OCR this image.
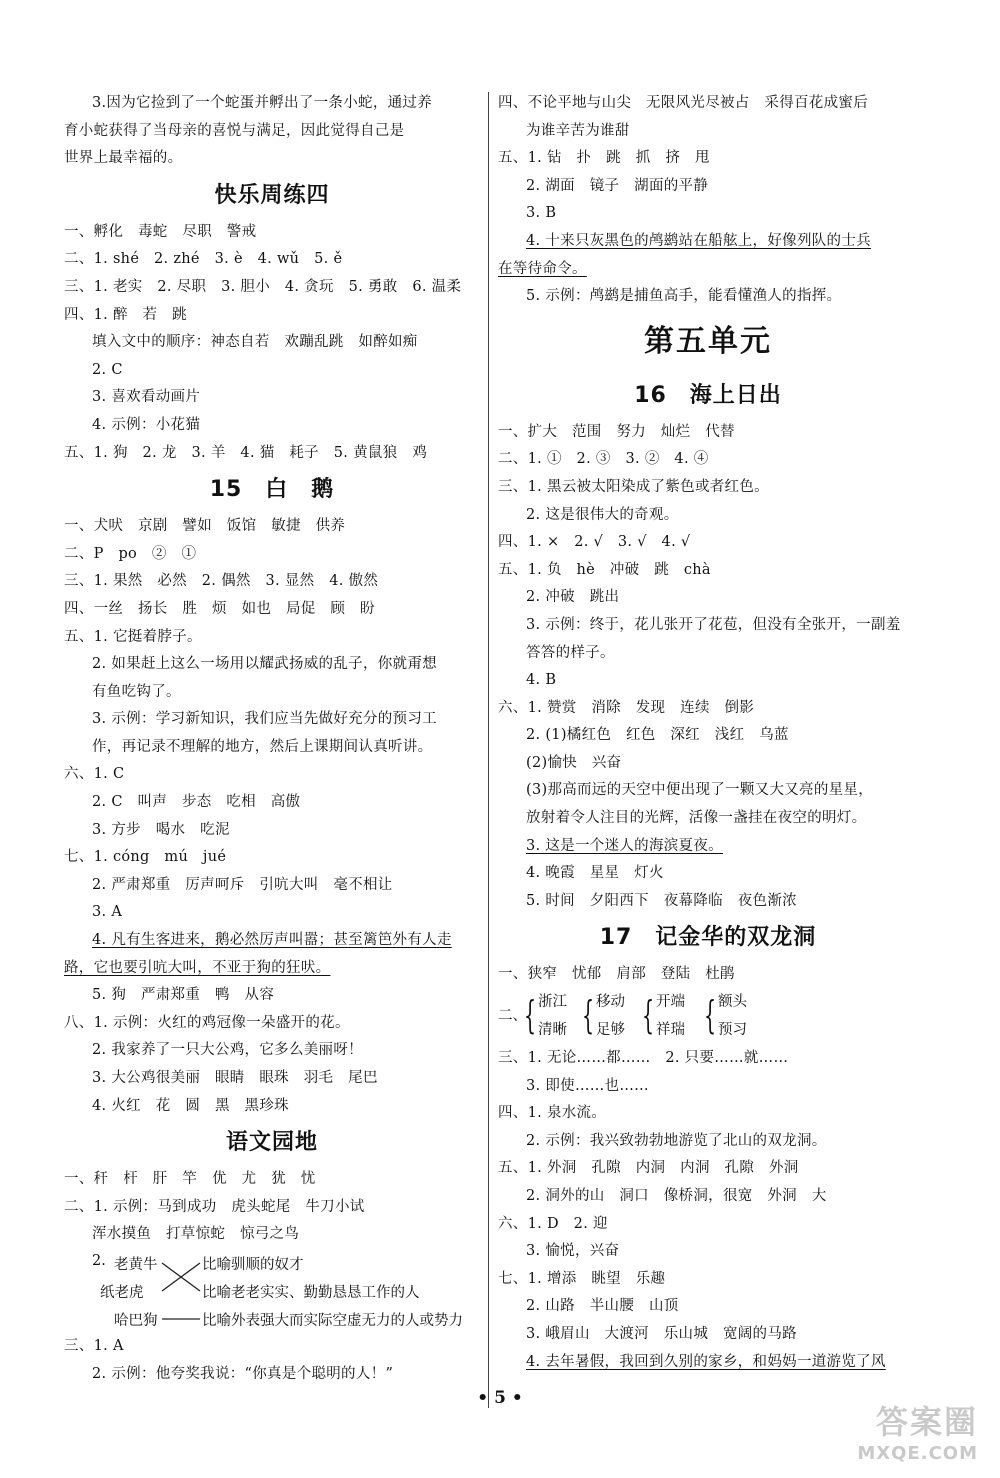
3.因为它捡到了一个蛇蛋并孵出了一条小蛇，通过养
育小蛇获得了当母亲的喜悦与满足，因此觉得自己是
世界上最幸福的。
快乐周练四
一、孵化　毒蛇　尽职　警戒
二、1. shé　2. zhé　3. è　4. wǔ　5. ě
三、1. 老实　2. 尽职　3. 胆小　4. 贪玩　5. 勇敢　6. 温柔
四、1. 醉　若　跳
填入文中的顺序：神态自若　欢蹦乱跳　如醉如痴
2. C
3. 喜欢看动画片
4. 示例：小花猫
五、1. 狗　2. 龙　3. 羊　4. 猫　耗子　5. 黄鼠狼　鸡
15　白　鹅
一、犬吠　京剧　譬如　饭馆　敏捷　供养
二、P　po　②　①
三、1. 果然　必然　2. 偶然　3. 显然　4. 傲然
四、一丝　扬长　胜　烦　如也　局促　顾　盼
五、1. 它挺着脖子。
2. 如果赶上这么一场用以耀武扬威的乱子，你就甭想
有鱼吃钩了。
3. 示例：学习新知识，我们应当先做好充分的预习工
作，再记录不理解的地方，然后上课期间认真听讲。
六、1. C
2. C　叫声　步态　吃相　高傲
3. 方步　喝水　吃泥
七、1. cóng　mú　jué
2. 严肃郑重　厉声呵斥　引吭大叫　毫不相让
3. A
4. 凡有生客进来，鹅必然厉声叫嚣；甚至篱笆外有人走
路，它也要引吭大叫，不亚于狗的狂吠。
5. 狗　严肃郑重　鸭　从容
八、1. 示例：火红的鸡冠像一朵盛开的花。
2. 我家养了一只大公鸡，它多么美丽呀！
3. 大公鸡很美丽　眼睛　眼珠　羽毛　尾巴
4. 火红　花　圆　黑　黑珍珠
语文园地
一、秆　杆　肝　竿　优　尤　犹　忧
二、1. 示例：马到成功　虎头蛇尾　牛刀小试
浑水摸鱼　打草惊蛇　惊弓之鸟
2. 老黄牛
纸老虎
哈巴狗
比喻驯顺的奴才
比喻老老实实、勤勤恳恳工作的人
比喻外表强大而实际空虚无力的人或势力
三、1. A
2. 示例：他夸奖我说：“你真是个聪明的人！”
四、不论平地与山尖　无限风光尽被占　采得百花成蜜后
为谁辛苦为谁甜
五、1. 钻　扑　跳　抓　挤　甩
2. 湖面　镜子　湖面的平静
3. B
4. 十来只灰黑色的鸬鹚站在船舷上，好像列队的士兵
在等待命令。
5. 示例：鸬鹚是捕鱼高手，能看懂渔人的指挥。
第五单元
16　海上日出
一、扩大　范围　努力　灿烂　代替
二、1. ①　2. ③　3. ②　4. ④
三、1. 黑云被太阳染成了紫色或者红色。
2. 这是很伟大的奇观。
四、1. ×　2. √　3. √　4. √
五、1. 负　hè　冲破　跳　chà
2. 冲破　跳出
3. 示例：终于，花儿张开了花苞，但没有全张开，一副羞
答答的样子。
4. B
六、1. 赞赏　消除　发现　连续　倒影
2. (1)橘红色　红色　深红　浅红　乌蓝
(2)愉快　兴奋
(3)那高而远的天空中便出现了一颗又大又亮的星星，
放射着令人注目的光辉，活像一盏挂在夜空的明灯。
3. 这是一个迷人的海滨夏夜。
4. 晚霞　星星　灯火
5. 时间　夕阳西下　夜幕降临　夜色渐浓
17　记金华的双龙洞
一、狭窄　忧郁　肩部　登陆　杜鹃
二、
{ 浙江
清晰 { 移动
足够 { 开端
祥瑞 { 额头
预习
三、1. 无论……都……　2. 只要……就……
3. 即使……也……
四、1. 泉水流。
2. 示例：我兴致勃勃地游览了北山的双龙洞。
五、1. 外洞　孔隙　内洞　内洞　孔隙　外洞
2. 洞外的山　洞口　像桥洞，很宽　外洞　大
六、1. D　2. 迎
3. 愉悦，兴奋
七、1. 增添　眺望　乐趣
2. 山路　半山腰　山顶
3. 峨眉山　大渡河　乐山城　宽阔的马路
4. 去年暑假，我回到久别的家乡，和妈妈一道游览了风
• 5 •
答案圈
MXQE.COM
